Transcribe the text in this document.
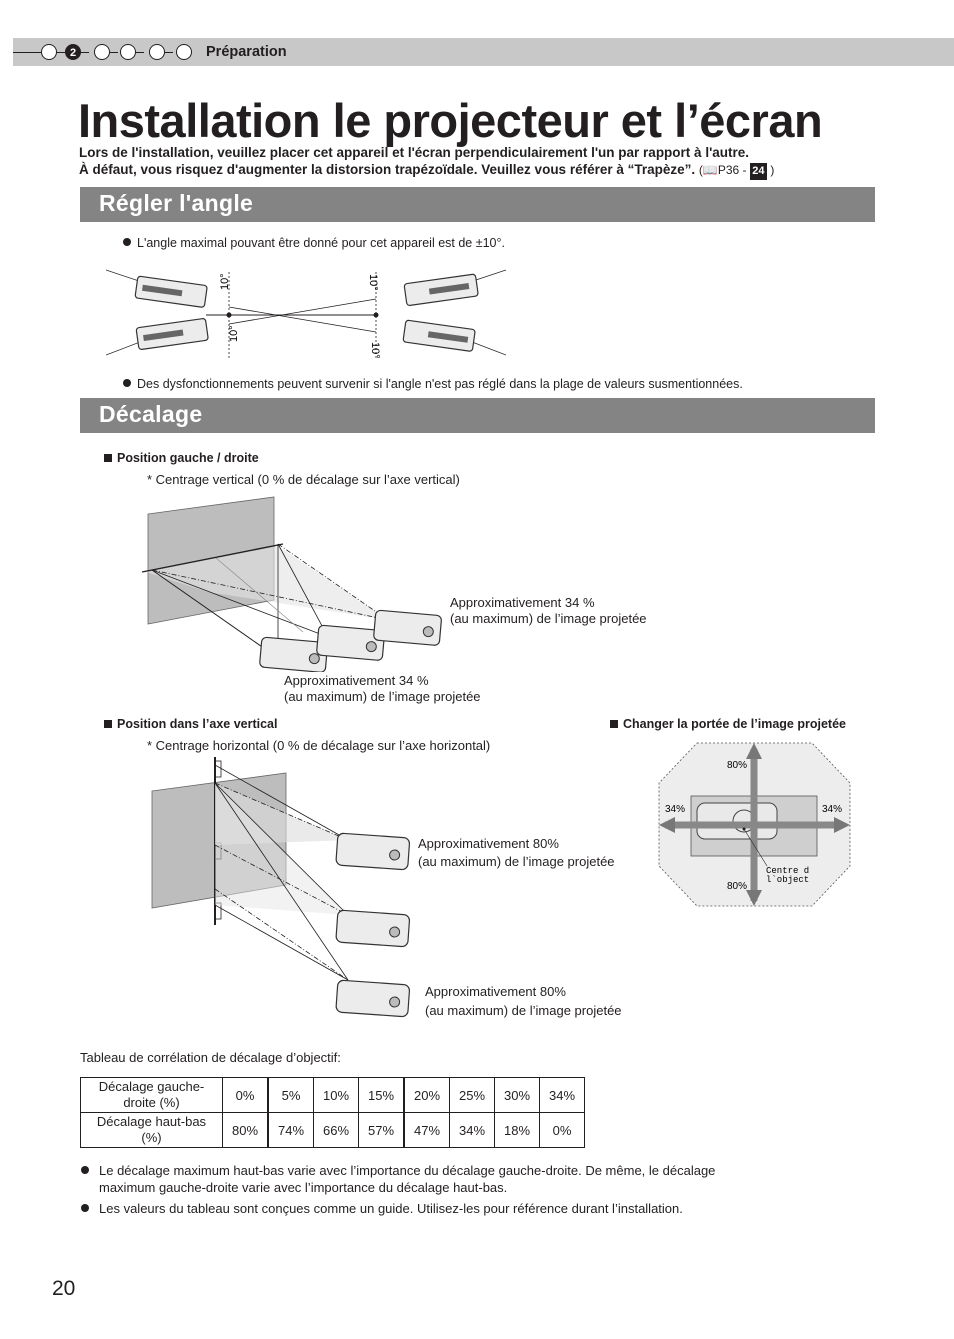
2	Préparation
Installation le projecteur et l’écran
Lors de l'installation, veuillez placer cet appareil et l'écran perpendiculairement l'un par rapport à l'autre.
À défaut, vous risquez d'augmenter la distorsion trapézoïdale. Veuillez vous référer à “Trapèze”. (📖P36 - 24 )
Régler l'angle
L'angle maximal pouvant être donné pour cet appareil est de ±10°.
10°
10°
10°
10°
Des dysfonctionnements peuvent survenir si l'angle n'est pas réglé dans la plage de valeurs susmentionnées.
Décalage
Position gauche / droite
* Centrage vertical (0 % de décalage sur l’axe vertical)
Approximativement 34 %
(au maximum) de l’image projetée
Approximativement 34 %
(au maximum) de l’image projetée
Position dans l’axe vertical
* Centrage horizontal (0 % de décalage sur l’axe horizontal)
Approximativement 80%
(au maximum) de l’image projetée
Approximativement 80%
(au maximum) de l’image projetée
Changer la portée de l’image projetée
80%
80%
34%	34%
Centre d
l`object
Tableau de corrélation de décalage d’objectif:
Décalage gauche-
droite (%)	0%	5%	10%	15%	20%	25%	30%	34%

Décalage haut-bas
(%)	80%	74%	66%	57%	47%	34%	18%	0%
Le décalage maximum haut-bas varie avec l’importance du décalage gauche-droite. De même, le décalage
maximum gauche-droite varie avec l’importance du décalage haut-bas.
Les valeurs du tableau sont conçues comme un guide. Utilisez-les pour référence durant l’installation.
20
